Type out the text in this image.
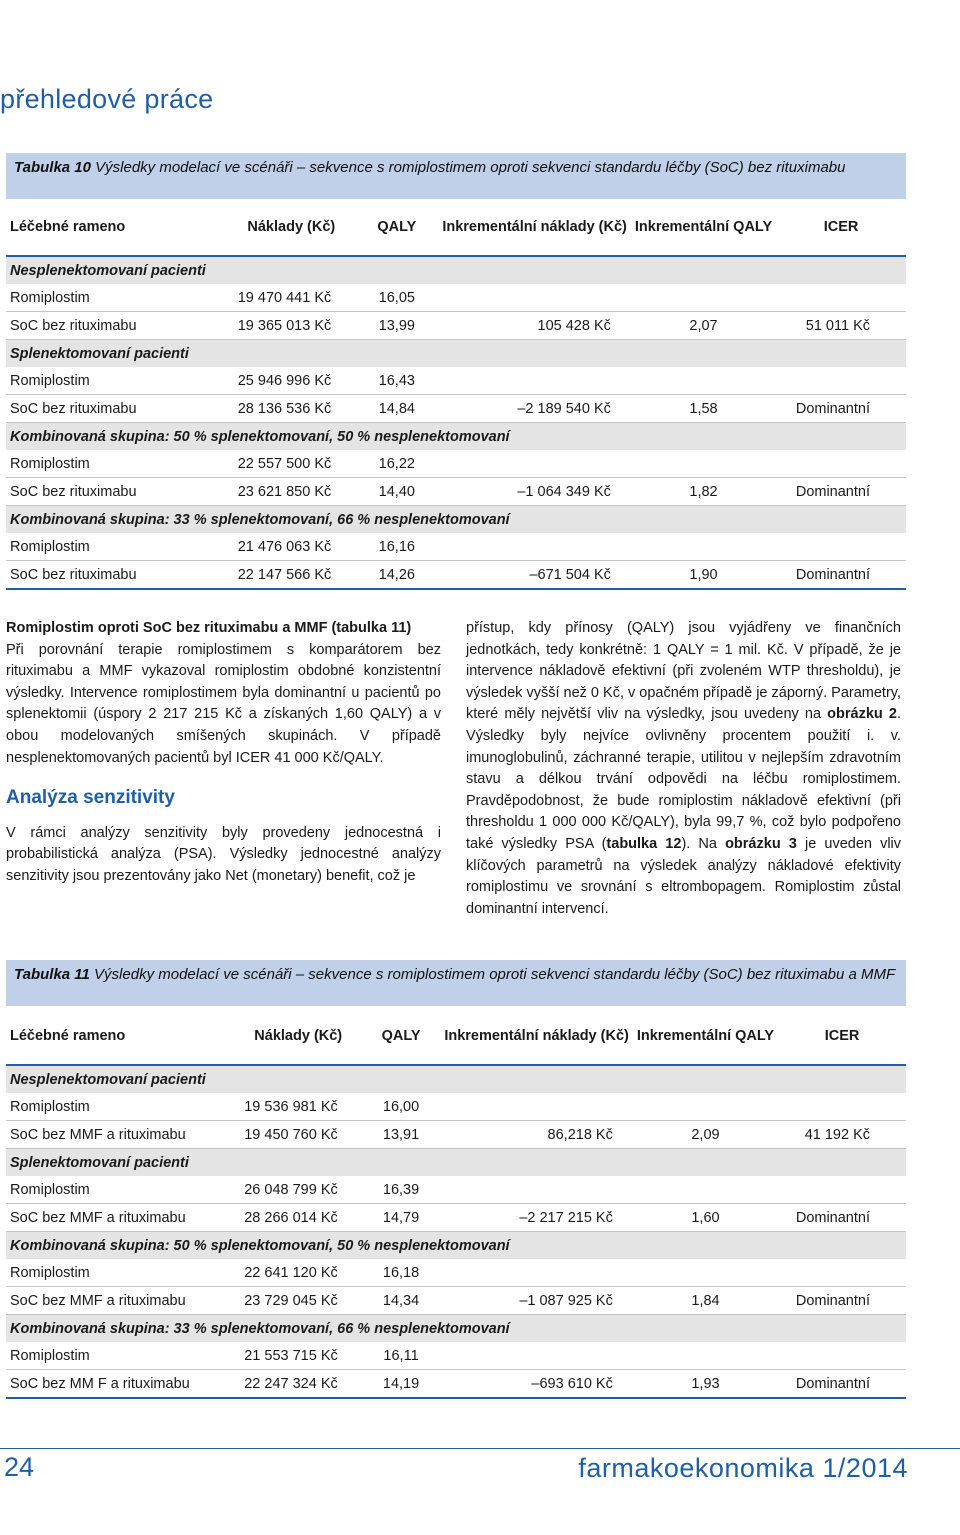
přehledové práce
Tabulka 10 Výsledky modelací ve scénáři – sekvence s romiplostimem oproti sekvenci standardu léčby (SoC) bez rituximabu
Léčebné rameno	Náklady (Kč)	QALY	Inkrementální náklady (Kč)	Inkrementální QALY	ICER
Nesplenektomovaní pacienti					
Romiplostim	19 470 441 Kč	16,05			
SoC bez rituximabu	19 365 013 Kč	13,99	105 428 Kč	2,07	51 011 Kč
Splenektomovaní pacienti					
Romiplostim	25 946 996 Kč	16,43			
SoC bez rituximabu	28 136 536 Kč	14,84	–2 189 540 Kč	1,58	Dominantní
Kombinovaná skupina: 50 % splenektomovaní, 50 % nesplenektomovaní					
Romiplostim	22 557 500 Kč	16,22			
SoC bez rituximabu	23 621 850 Kč	14,40	–1 064 349 Kč	1,82	Dominantní
Kombinovaná skupina: 33 % splenektomovaní, 66 % nesplenektomovaní					
Romiplostim	21 476 063 Kč	16,16			
SoC bez rituximabu	22 147 566 Kč	14,26	–671 504 Kč	1,90	Dominantní

Romiplostim oproti SoC bez rituximabu a MMF (tabulka 11)

Při porovnání terapie romiplostimem s komparátorem bez rituximabu a MMF vykazoval romiplostim obdobné konzistentní výsledky. Intervence romiplostimem byla dominantní u pacientů po splenektomii (úspory 2 217 215 Kč a získaných 1,60 QALY) a v obou modelovaných smíšených skupinách. V případě nesplenektomovaných pacientů byl ICER 41 000 Kč/QALY.

Analýza senzitivity

V rámci analýzy senzitivity byly provedeny jednocestná i probabilistická analýza (PSA). Výsledky jednocestné analýzy senzitivity jsou prezentovány jako Net (monetary) benefit, což je

přístup, kdy přínosy (QALY) jsou vyjádřeny ve finančních jednotkách, tedy konkrétně: 1 QALY = 1 mil. Kč. V případě, že je intervence nákladově efektivní (při zvoleném WTP thresholdu), je výsledek vyšší než 0 Kč, v opačném případě je záporný. Parametry, které měly největší vliv na výsledky, jsou uvedeny na obrázku 2. Výsledky byly nejvíce ovlivněny procentem použití i. v. imunoglobulinů, záchranné terapie, utilitou v nejlepším zdravotním stavu a délkou trvání odpovědi na léčbu romiplostimem. Pravděpodobnost, že bude romiplostim nákladově efektivní (při thresholdu 1 000 000 Kč/QALY), byla 99,7 %, což bylo podpořeno také výsledky PSA (tabulka 12). Na obrázku 3 je uveden vliv klíčových parametrů na výsledek analýzy nákladové efektivity romiplostimu ve srovnání s eltrombopagem. Romiplostim zůstal dominantní intervencí.

Tabulka 11 Výsledky modelací ve scénáři – sekvence s romiplostimem oproti sekvenci standardu léčby (SoC) bez rituximabu a MMF
Léčebné rameno	Náklady (Kč)	QALY	Inkrementální náklady (Kč)	Inkrementální QALY	ICER
Nesplenektomovaní pacienti					
Romiplostim	19 536 981 Kč	16,00			
SoC bez MMF a rituximabu	19 450 760 Kč	13,91	86,218 Kč	2,09	41 192 Kč
Splenektomovaní pacienti					
Romiplostim	26 048 799 Kč	16,39			
SoC bez MMF a rituximabu	28 266 014 Kč	14,79	–2 217 215 Kč	1,60	Dominantní
Kombinovaná skupina: 50 % splenektomovaní, 50 % nesplenektomovaní					
Romiplostim	22 641 120 Kč	16,18			
SoC bez MMF a rituximabu	23 729 045 Kč	14,34	–1 087 925 Kč	1,84	Dominantní
Kombinovaná skupina: 33 % splenektomovaní, 66 % nesplenektomovaní					
Romiplostim	21 553 715 Kč	16,11			
SoC bez MM F a rituximabu	22 247 324 Kč	14,19	–693 610 Kč	1,93	Dominantní
24	farmakoekonomika 1/2014
